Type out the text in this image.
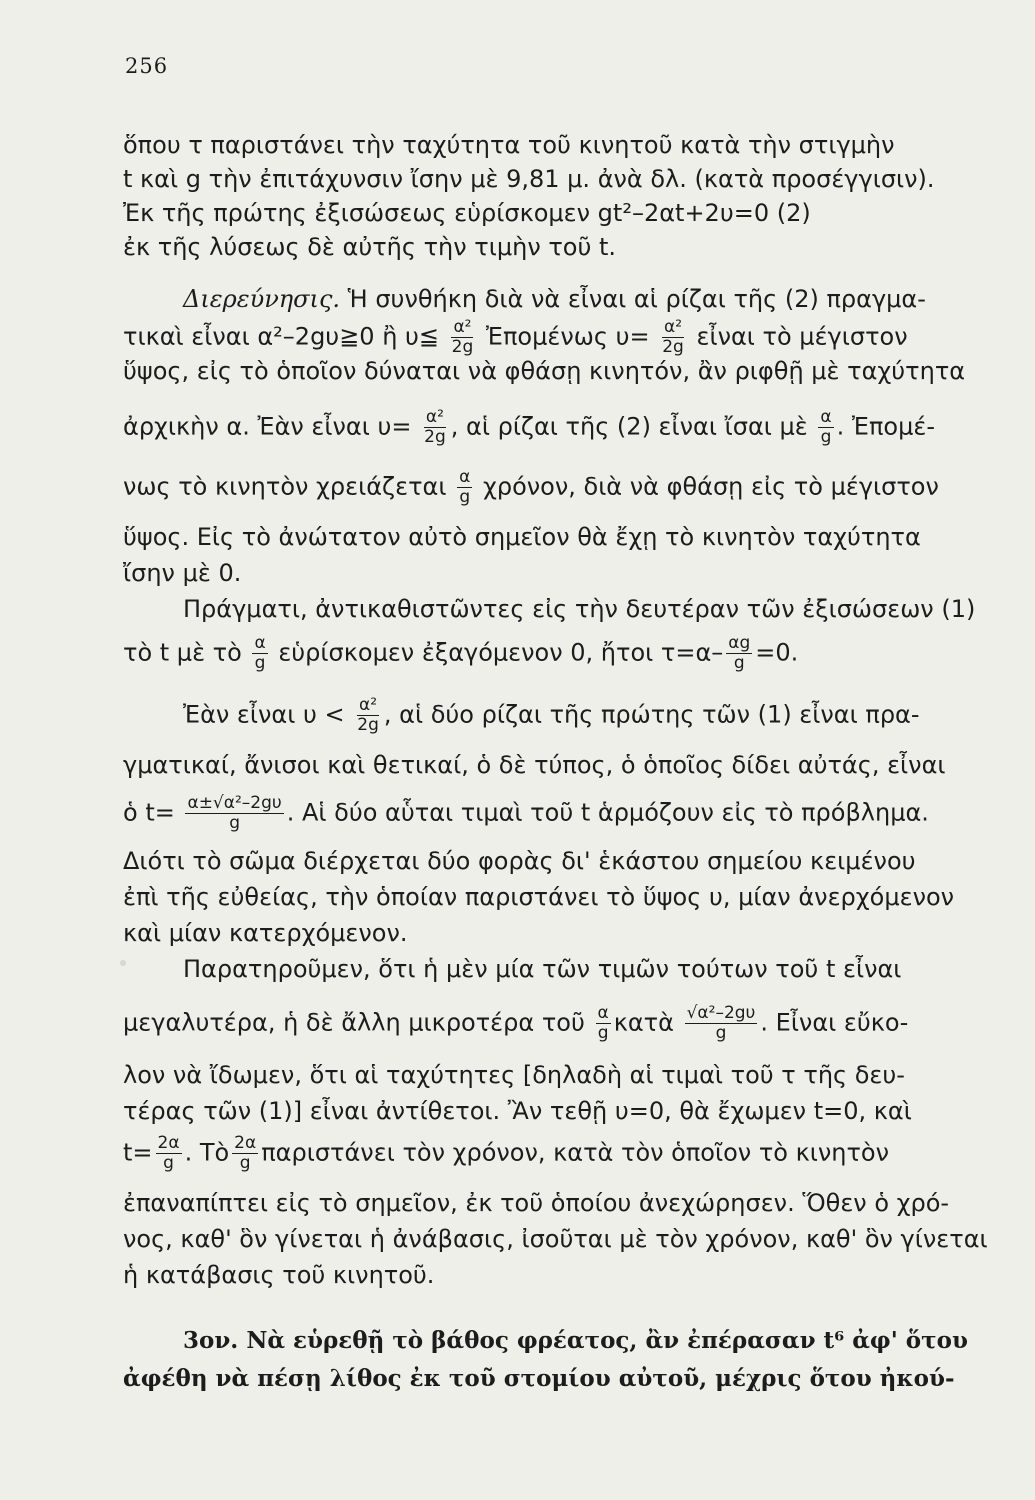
256
ὅπου τ παριστάνει τὴν ταχύτητα τοῦ κινητοῦ κατὰ τὴν στιγμὴν
t καὶ g τὴν ἐπιτάχυνσιν ἴσην μὲ 9,81 μ. ἀνὰ δλ. (κατὰ προσέγγισιν).
Ἐκ τῆς πρώτης ἐξισώσεως εὑρίσκομεν gt²–2αt+2υ=0 (2)
ἐκ τῆς λύσεως δὲ αὐτῆς τὴν τιμὴν τοῦ t.
Διερεύνησις. Ἡ συνθήκη διὰ νὰ εἶναι αἱ ρίζαι τῆς (2) πραγμα-
τικαὶ εἶναι α²–2gυ≧0 ἢ υ≦ $\frac{\text{α²}}{2g}$ Ἐπομένως $\upsilon= \frac{\text{α²}}{2g}$ εἶναι τὸ μέγιστον
ὕψος, εἰς τὸ ὁποῖον δύναται νὰ φθάσῃ κινητόν, ἂν ριφθῇ μὲ ταχύτητα
ἀρχικὴν α. Ἐὰν εἶναι $\upsilon= \frac{\text{α²}}{2g}$ , αἱ ρίζαι τῆς (2) εἶναι ἴσαι μὲ $\frac{\alpha}{g}$ . Ἐπομέ-
νως τὸ κινητὸν χρειάζεται $\frac{\alpha}{g} \chi\rho ό\nu o\nu$, διὰ νὰ φθάσῃ εἰς τὸ μέγιστον
ὕψος. Εἰς τὸ ἀνώτατον αὐτὸ σημεῖον θὰ ἔχῃ τὸ κινητὸν ταχύτητα
ἴσην μὲ 0.
Πράγματι, ἀντικαθιστῶντες εἰς τὴν δευτέραν τῶν ἐξισώσεων (1)
τὸ t μὲ τὸ $\frac{\alpha}{g}$ εὑρίσκομεν ἐξαγόμενον 0, ἤτοι $\tau=\alpha- \frac{\alpha g}{g} =0$.
Ἐὰν εἶναι $\upsilon < \frac{\text{α²}}{2g}$ , αἱ δύο ρίζαι τῆς πρώτης τῶν (1) εἶναι πρα-
γματικαί, ἄνισοι καὶ θετικαί, ὁ δὲ τύπος, ὁ ὁποῖος δίδει αὐτάς, εἶναι
ὁ $t= \frac{\text{α±√α²–2gυ}}{g}$ . Αἱ δύο αὗται τιμαὶ τοῦ t ἁρμόζουν εἰς τὸ πρόβλημα.
Διότι τὸ σῶμα διέρχεται δύο φορὰς δι' ἑκάστου σημείου κειμένου
ἐπὶ τῆς εὐθείας, τὴν ὁποίαν παριστάνει τὸ ὕψος υ, μίαν ἀνερχόμενον
καὶ μίαν κατερχόμενον.
Παρατηροῦμεν, ὅτι ἡ μὲν μία τῶν τιμῶν τούτων τοῦ t εἶναι
μεγαλυτέρα, ἡ δὲ ἄλλη μικροτέρα τοῦ $\frac{\alpha}{g}$ κατὰ $\frac{\text{√α²–2gυ}}{g}$ . Εἶναι εὔκο-
λον νὰ ἴδωμεν, ὅτι αἱ ταχύτητες [δηλαδὴ αἱ τιμαὶ τοῦ τ τῆς δευ-
τέρας τῶν (1)] εἶναι ἀντίθετοι. Ἂν τεθῇ υ=0, θὰ ἔχωμεν t=0, καὶ
$t= \frac{2\alpha}{g}$ . Τὸ $\frac{2\alpha}{g}$ παριστάνει τὸν χρόνον, κατὰ τὸν ὁποῖον τὸ κινητὸν
ἐπαναπίπτει εἰς τὸ σημεῖον, ἐκ τοῦ ὁποίου ἀνεχώρησεν. Ὅθεν ὁ χρό-
νος, καθ' ὃν γίνεται ἡ ἀνάβασις, ἰσοῦται μὲ τὸν χρόνον, καθ' ὃν γίνεται
ἡ κατάβασις τοῦ κινητοῦ.
3ον. Νὰ εὑρεθῇ τὸ βάθος φρέατος, ἂν ἐπέρασαν t⁶ ἀφ' ὅτου
ἀφέθη νὰ πέσῃ λίθος ἐκ τοῦ στομίου αὐτοῦ, μέχρις ὅτου ἠκού-
